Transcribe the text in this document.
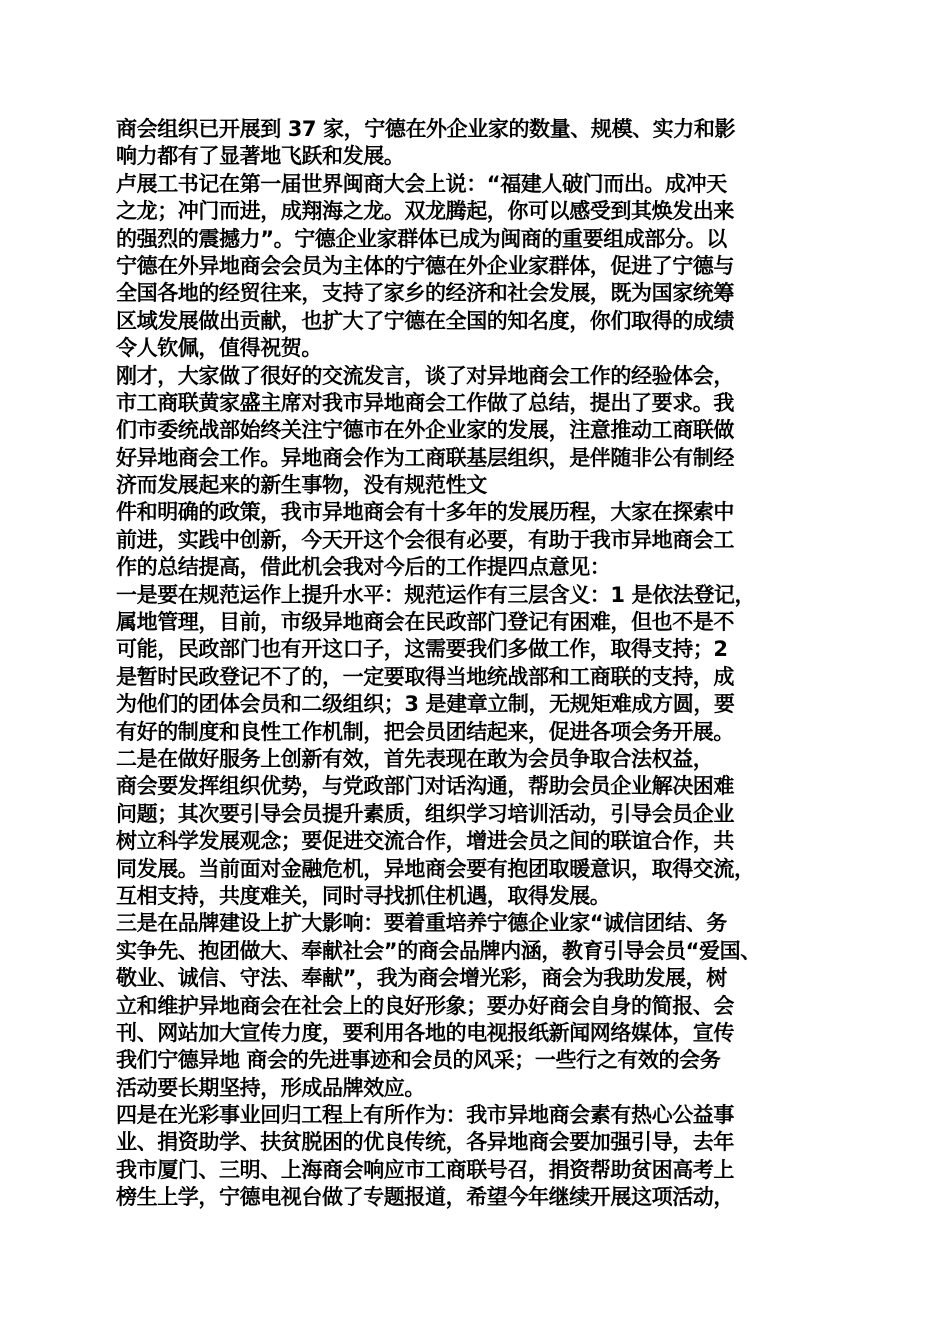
商会组织已开展到 37 家，宁德在外企业家的数量、规模、实力和影
响力都有了显著地飞跃和发展。
卢展工书记在第一届世界闽商大会上说：“福建人破门而出。成冲天
之龙；冲门而进，成翔海之龙。双龙腾起，你可以感受到其焕发出来
的强烈的震撼力”。宁德企业家群体已成为闽商的重要组成部分。以
宁德在外异地商会会员为主体的宁德在外企业家群体，促进了宁德与
全国各地的经贸往来，支持了家乡的经济和社会发展，既为国家统筹
区域发展做出贡献，也扩大了宁德在全国的知名度，你们取得的成绩
令人钦佩，值得祝贺。
刚才，大家做了很好的交流发言，谈了对异地商会工作的经验体会，
市工商联黄家盛主席对我市异地商会工作做了总结，提出了要求。我
们市委统战部始终关注宁德市在外企业家的发展，注意推动工商联做
好异地商会工作。异地商会作为工商联基层组织，是伴随非公有制经
济而发展起来的新生事物，没有规范性文
件和明确的政策，我市异地商会有十多年的发展历程，大家在探索中
前进，实践中创新，今天开这个会很有必要，有助于我市异地商会工
作的总结提高，借此机会我对今后的工作提四点意见：
一是要在规范运作上提升水平：规范运作有三层含义：1 是依法登记，
属地管理，目前，市级异地商会在民政部门登记有困难，但也不是不
可能，民政部门也有开这口子，这需要我们多做工作，取得支持；2
是暂时民政登记不了的，一定要取得当地统战部和工商联的支持，成
为他们的团体会员和二级组织；3 是建章立制，无规矩难成方圆，要
有好的制度和良性工作机制，把会员团结起来，促进各项会务开展。
二是在做好服务上创新有效，首先表现在敢为会员争取合法权益，
商会要发挥组织优势，与党政部门对话沟通，帮助会员企业解决困难
问题；其次要引导会员提升素质，组织学习培训活动，引导会员企业
树立科学发展观念；要促进交流合作，增进会员之间的联谊合作，共
同发展。当前面对金融危机，异地商会要有抱团取暖意识，取得交流，
互相支持，共度难关，同时寻找抓住机遇，取得发展。
三是在品牌建设上扩大影响：要着重培养宁德企业家“诚信团结、务
实争先、抱团做大、奉献社会”的商会品牌内涵，教育引导会员“爱国、
敬业、诚信、守法、奉献”，我为商会增光彩，商会为我助发展，树
立和维护异地商会在社会上的良好形象；要办好商会自身的简报、会
刊、网站加大宣传力度，要利用各地的电视报纸新闻网络媒体，宣传
我们宁德异地 商会的先进事迹和会员的风采；一些行之有效的会务
活动要长期坚持，形成品牌效应。
四是在光彩事业回归工程上有所作为：我市异地商会素有热心公益事
业、捐资助学、扶贫脱困的优良传统，各异地商会要加强引导，去年
我市厦门、三明、上海商会响应市工商联号召，捐资帮助贫困高考上
榜生上学，宁德电视台做了专题报道，希望今年继续开展这项活动，
